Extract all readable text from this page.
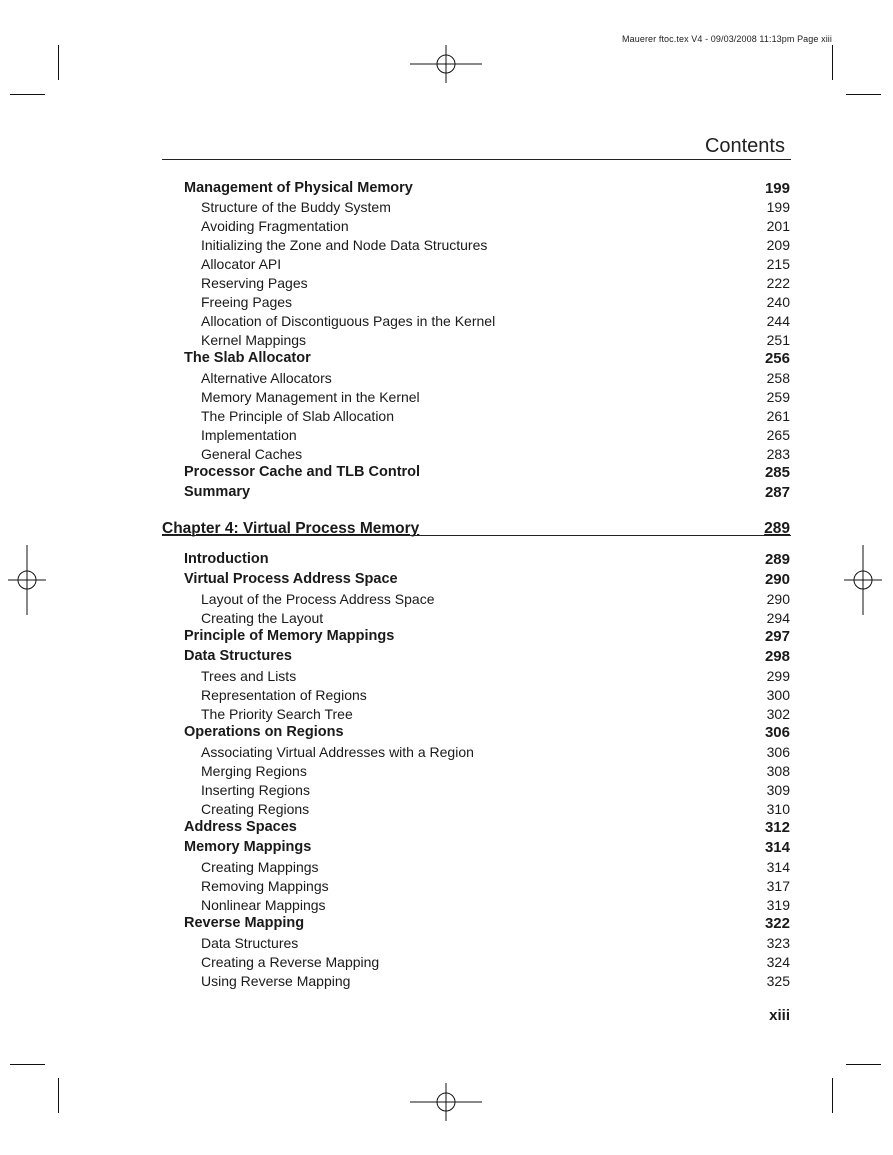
Mauerer ftoc.tex V4 - 09/03/2008 11:13pm Page xiii
Contents
Management of Physical Memory	199
Structure of the Buddy System	199
Avoiding Fragmentation	201
Initializing the Zone and Node Data Structures	209
Allocator API	215
Reserving Pages	222
Freeing Pages	240
Allocation of Discontiguous Pages in the Kernel	244
Kernel Mappings	251
The Slab Allocator	256
Alternative Allocators	258
Memory Management in the Kernel	259
The Principle of Slab Allocation	261
Implementation	265
General Caches	283
Processor Cache and TLB Control	285
Summary	287
Chapter 4: Virtual Process Memory	289
Introduction	289
Virtual Process Address Space	290
Layout of the Process Address Space	290
Creating the Layout	294
Principle of Memory Mappings	297
Data Structures	298
Trees and Lists	299
Representation of Regions	300
The Priority Search Tree	302
Operations on Regions	306
Associating Virtual Addresses with a Region	306
Merging Regions	308
Inserting Regions	309
Creating Regions	310
Address Spaces	312
Memory Mappings	314
Creating Mappings	314
Removing Mappings	317
Nonlinear Mappings	319
Reverse Mapping	322
Data Structures	323
Creating a Reverse Mapping	324
Using Reverse Mapping	325
xiii
